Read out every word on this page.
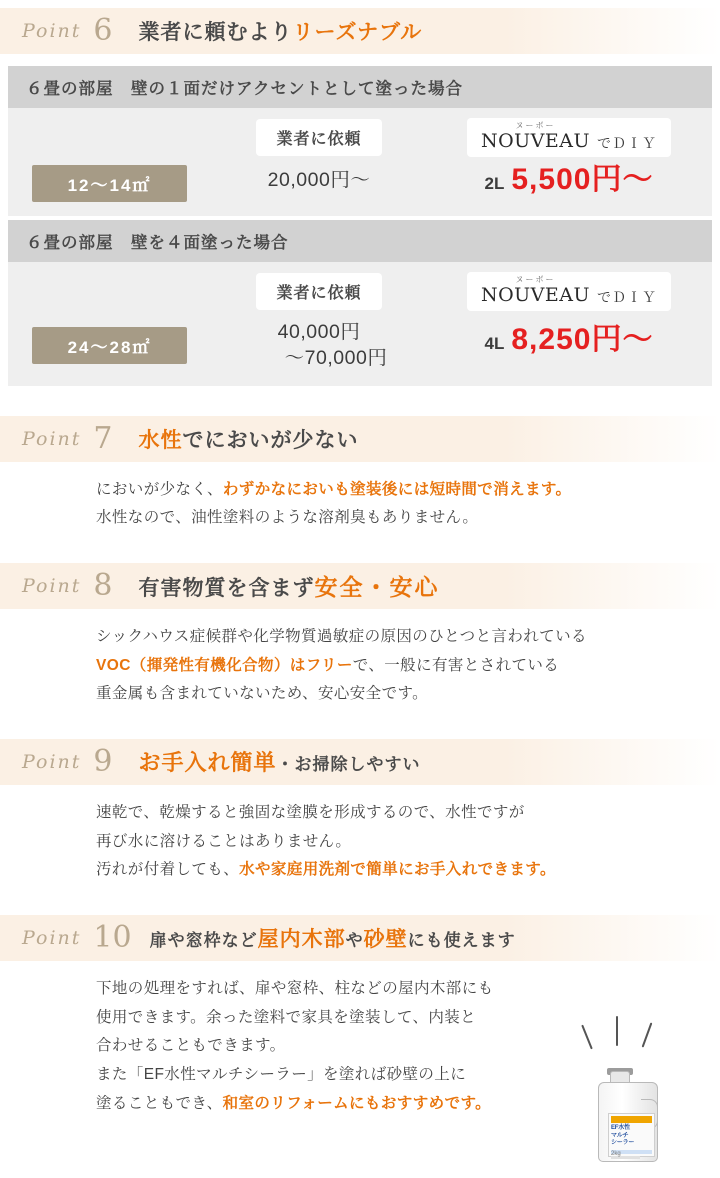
Point 6 業者に頼むよりリーズナブル
６畳の部屋　壁の１面だけアクセントとして塗った場合
業者に依頼
ヌーボー
NOUVEAU でＤＩＹ
12〜14㎡	20,000円〜	2L 5,500円〜
６畳の部屋　壁を４面塗った場合
業者に依頼
ヌーボー
NOUVEAU でＤＩＹ
24〜28㎡
40,000円
〜70,000円
4L 8,250円〜
Point 7 水性でにおいが少ない
においが少なく、わずかなにおいも塗装後には短時間で消えます。
水性なので、油性塗料のような溶剤臭もありません。
Point 8 有害物質を含まず安全・安心
シックハウス症候群や化学物質過敏症の原因のひとつと言われている
VOC（揮発性有機化合物）はフリーで、一般に有害とされている
重金属も含まれていないため、安心安全です。
Point 9 お手入れ簡単・お掃除しやすい
速乾で、乾燥すると強固な塗膜を形成するので、水性ですが
再び水に溶けることはありません。
汚れが付着しても、水や家庭用洗剤で簡単にお手入れできます。
Point 10 扉や窓枠など屋内木部や砂壁にも使えます
下地の処理をすれば、扉や窓枠、柱などの屋内木部にも
使用できます。余った塗料で家具を塗装して、内装と
合わせることもできます。
また「EF水性マルチシーラー」を塗れば砂壁の上に
塗ることもでき、和室のリフォームにもおすすめです。
EF水性
マルチ
シーラー
2kg
